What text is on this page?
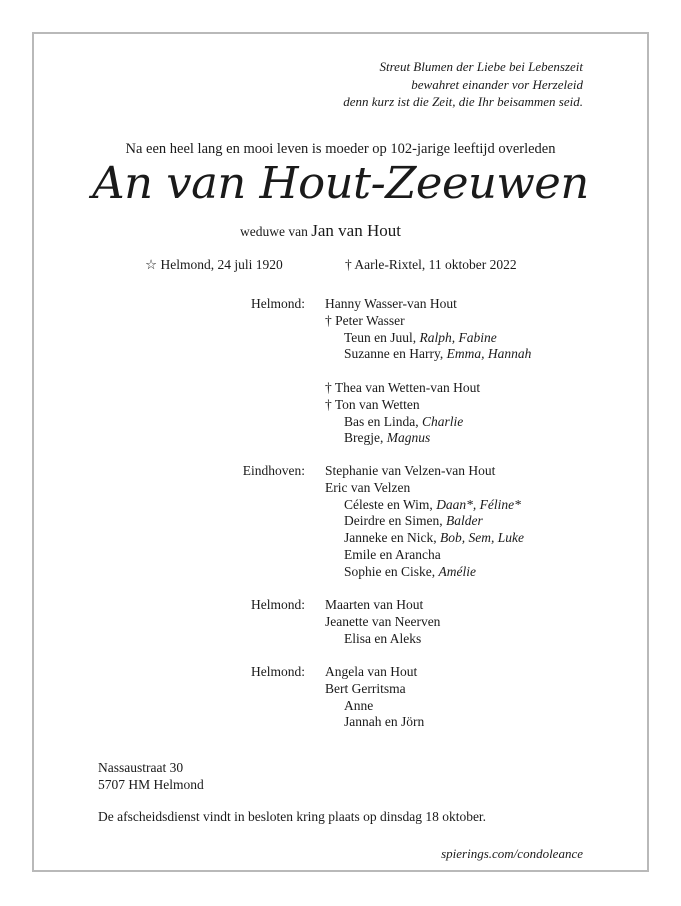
Streut Blumen der Liebe bei Lebenszeit
bewahret einander vor Herzeleid
denn kurz ist die Zeit, die Ihr beisammen seid.
Na een heel lang en mooi leven is moeder op 102-jarige leeftijd overleden
An van Hout-Zeeuwen
weduwe van Jan van Hout
☆ Helmond, 24 juli 1920	† Aarle-Rixtel, 11 oktober 2022
Helmond: Hanny Wasser-van Hout
† Peter Wasser
Teun en Juul, Ralph, Fabine
Suzanne en Harry, Emma, Hannah

† Thea van Wetten-van Hout
† Ton van Wetten
Bas en Linda, Charlie
Bregje, Magnus
Eindhoven: Stephanie van Velzen-van Hout
Eric van Velzen
Céleste en Wim, Daan*, Féline*
Deirdre en Simen, Balder
Janneke en Nick, Bob, Sem, Luke
Emile en Arancha
Sophie en Ciske, Amélie
Helmond: Maarten van Hout
Jeanette van Neerven
Elisa en Aleks
Helmond: Angela van Hout
Bert Gerritsma
Anne
Jannah en Jörn
Nassaustraat 30
5707 HM Helmond
De afscheidsdienst vindt in besloten kring plaats op dinsdag 18 oktober.
spierings.com/condoleance
